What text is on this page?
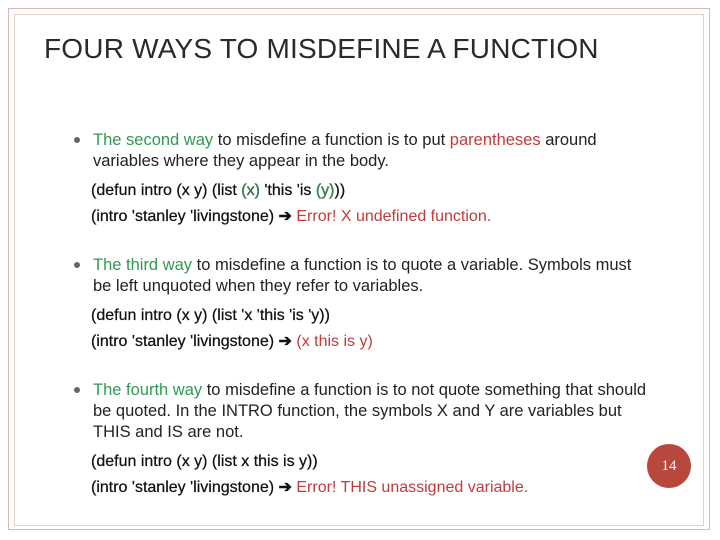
FOUR WAYS TO MISDEFINE A FUNCTION
The second way to misdefine a function is to put parentheses around variables where they appear in the body.
(defun intro (x y) (list (x) 'this 'is (y)))
(intro 'stanley 'livingstone) ➔ Error! X undefined function.
The third way to misdefine a function is to quote a variable. Symbols must be left unquoted when they refer to variables.
(defun intro (x y) (list 'x 'this 'is 'y))
(intro 'stanley 'livingstone) ➔ (x this is y)
The fourth way to misdefine a function is to not quote something that should be quoted. In the INTRO function, the symbols X and Y are variables but THIS and IS are not.
(defun intro (x y) (list x this is y))
(intro 'stanley 'livingstone) ➔ Error! THIS unassigned variable.
14
